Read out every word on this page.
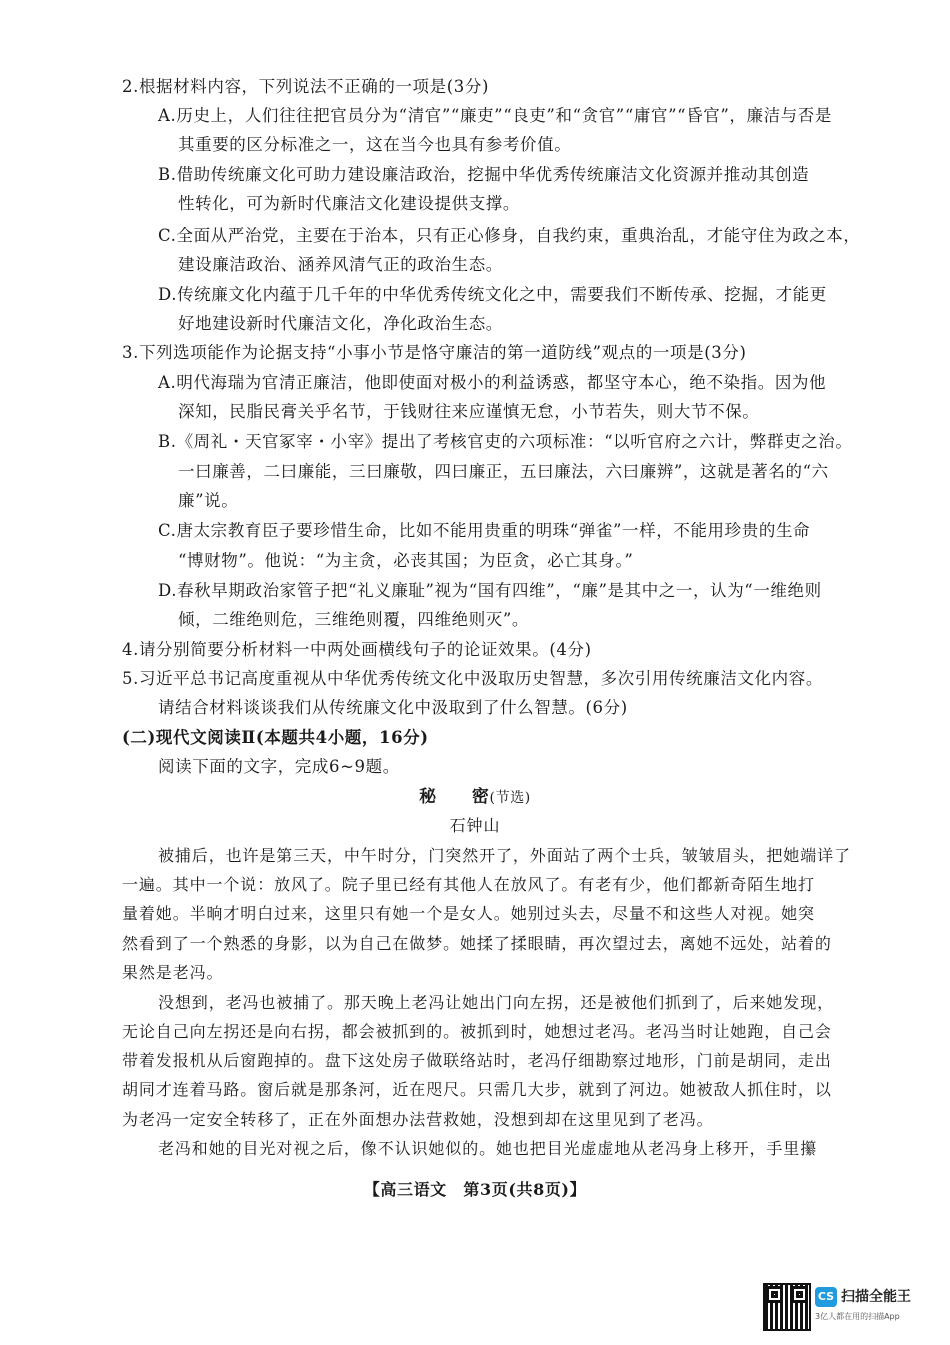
2.根据材料内容，下列说法不正确的一项是(3分)
A.历史上，人们往往把官员分为“清官”“廉吏”“良吏”和“贪官”“庸官”“昏官”，廉洁与否是
其重要的区分标准之一，这在当今也具有参考价值。
B.借助传统廉文化可助力建设廉洁政治，挖掘中华优秀传统廉洁文化资源并推动其创造
性转化，可为新时代廉洁文化建设提供支撑。
C.全面从严治党，主要在于治本，只有正心修身，自我约束，重典治乱，才能守住为政之本，
建设廉洁政治、涵养风清气正的政治生态。
D.传统廉文化内蕴于几千年的中华优秀传统文化之中，需要我们不断传承、挖掘，才能更
好地建设新时代廉洁文化，净化政治生态。
3.下列选项能作为论据支持“小事小节是恪守廉洁的第一道防线”观点的一项是(3分)
A.明代海瑞为官清正廉洁，他即使面对极小的利益诱惑，都坚守本心，绝不染指。因为他
深知，民脂民膏关乎名节，于钱财往来应谨慎无怠，小节若失，则大节不保。
B.《周礼・天官冢宰・小宰》提出了考核官吏的六项标准：“以听官府之六计，弊群吏之治。
一曰廉善，二曰廉能，三曰廉敬，四曰廉正，五曰廉法，六曰廉辨”，这就是著名的“六
廉”说。
C.唐太宗教育臣子要珍惜生命，比如不能用贵重的明珠“弹雀”一样，不能用珍贵的生命
“博财物”。他说：“为主贪，必丧其国；为臣贪，必亡其身。”
D.春秋早期政治家管子把“礼义廉耻”视为“国有四维”，“廉”是其中之一，认为“一维绝则
倾，二维绝则危，三维绝则覆，四维绝则灭”。
4.请分别简要分析材料一中两处画横线句子的论证效果。(4分)
5.习近平总书记高度重视从中华优秀传统文化中汲取历史智慧，多次引用传统廉洁文化内容。
请结合材料谈谈我们从传统廉文化中汲取到了什么智慧。(6分)
(二)现代文阅读Ⅱ(本题共4小题，16分)
阅读下面的文字，完成6~9题。
秘　　密(节选)
石钟山
被捕后，也许是第三天，中午时分，门突然开了，外面站了两个士兵，皱皱眉头，把她端详了
一遍。其中一个说：放风了。院子里已经有其他人在放风了。有老有少，他们都新奇陌生地打
量着她。半晌才明白过来，这里只有她一个是女人。她别过头去，尽量不和这些人对视。她突
然看到了一个熟悉的身影，以为自己在做梦。她揉了揉眼睛，再次望过去，离她不远处，站着的
果然是老冯。
没想到，老冯也被捕了。那天晚上老冯让她出门向左拐，还是被他们抓到了，后来她发现，
无论自己向左拐还是向右拐，都会被抓到的。被抓到时，她想过老冯。老冯当时让她跑，自己会
带着发报机从后窗跑掉的。盘下这处房子做联络站时，老冯仔细勘察过地形，门前是胡同，走出
胡同才连着马路。窗后就是那条河，近在咫尺。只需几大步，就到了河边。她被敌人抓住时，以
为老冯一定安全转移了，正在外面想办法营救她，没想到却在这里见到了老冯。
老冯和她的目光对视之后，像不认识她似的。她也把目光虚虚地从老冯身上移开，手里攥
【高三语文　第3页(共8页)】
CS 扫描全能王
3亿人都在用的扫描App
